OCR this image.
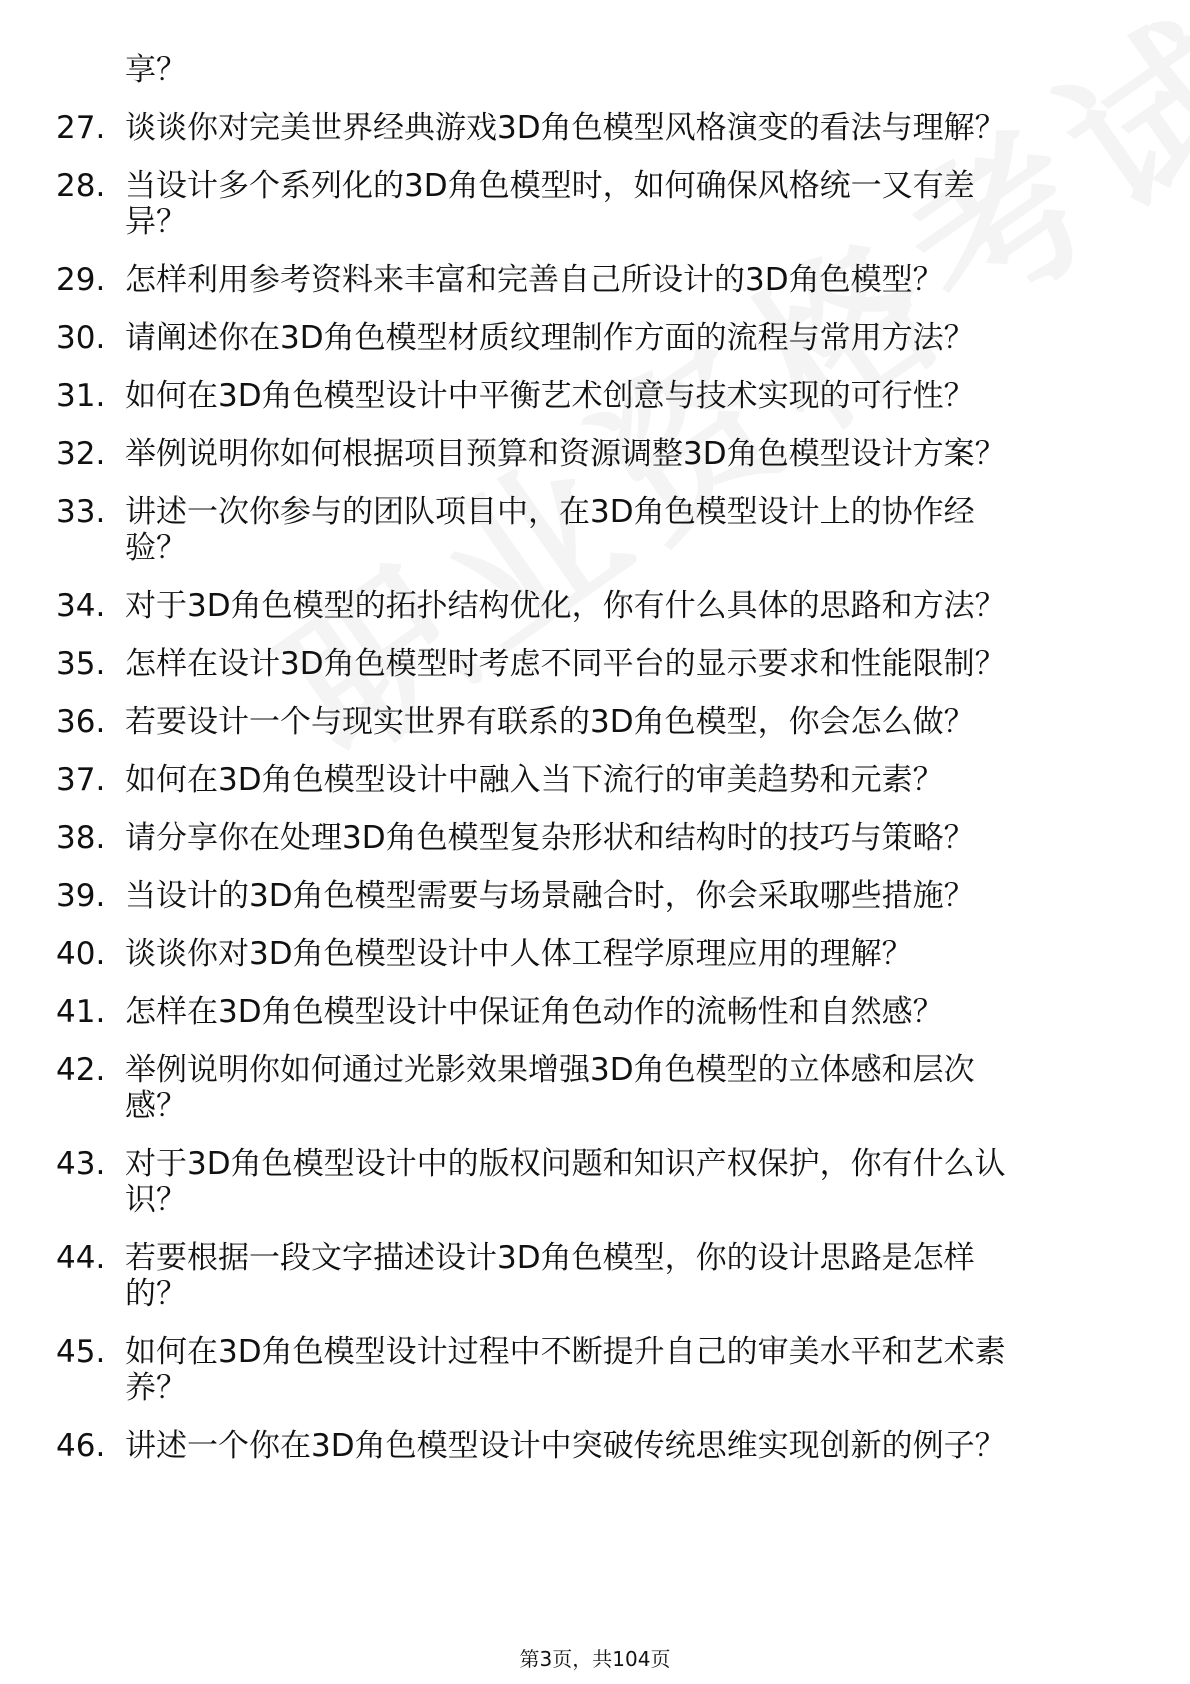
享？
27. 谈谈你对完美世界经典游戏3D角色模型风格演变的看法与理解？
28. 当设计多个系列化的3D角色模型时，如何确保风格统一又有差
异？
29. 怎样利用参考资料来丰富和完善自己所设计的3D角色模型？
30. 请阐述你在3D角色模型材质纹理制作方面的流程与常用方法？
31. 如何在3D角色模型设计中平衡艺术创意与技术实现的可行性？
32. 举例说明你如何根据项目预算和资源调整3D角色模型设计方案？
33. 讲述一次你参与的团队项目中，在3D角色模型设计上的协作经
验？
34. 对于3D角色模型的拓扑结构优化，你有什么具体的思路和方法？
35. 怎样在设计3D角色模型时考虑不同平台的显示要求和性能限制？
36. 若要设计一个与现实世界有联系的3D角色模型，你会怎么做？
37. 如何在3D角色模型设计中融入当下流行的审美趋势和元素？
38. 请分享你在处理3D角色模型复杂形状和结构时的技巧与策略？
39. 当设计的3D角色模型需要与场景融合时，你会采取哪些措施？
40. 谈谈你对3D角色模型设计中人体工程学原理应用的理解？
41. 怎样在3D角色模型设计中保证角色动作的流畅性和自然感？
42. 举例说明你如何通过光影效果增强3D角色模型的立体感和层次
感？
43. 对于3D角色模型设计中的版权问题和知识产权保护，你有什么认
识？
44. 若要根据一段文字描述设计3D角色模型，你的设计思路是怎样
的？
45. 如何在3D角色模型设计过程中不断提升自己的审美水平和艺术素
养？
46. 讲述一个你在3D角色模型设计中突破传统思维实现创新的例子？
第3页，共104页
